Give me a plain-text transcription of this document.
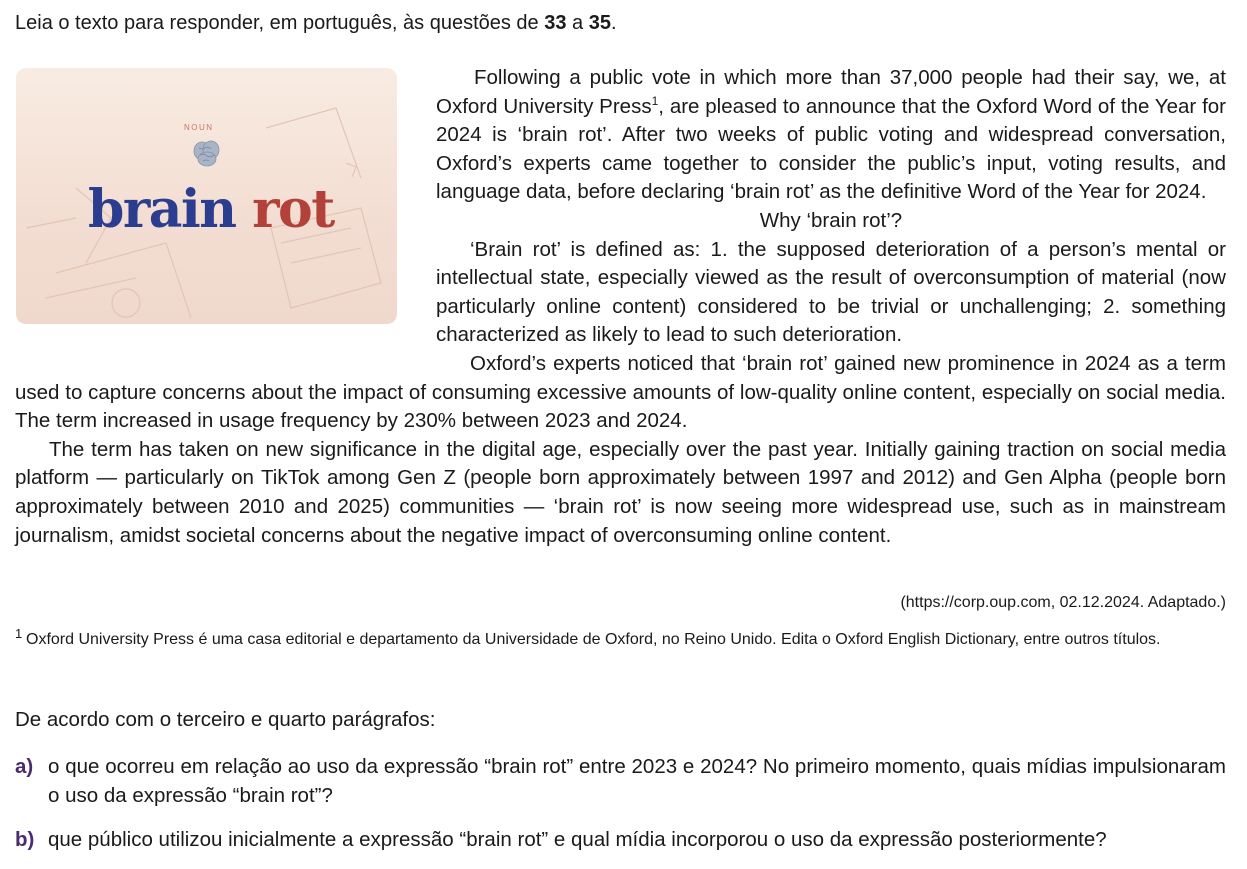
Leia o texto para responder, em português, às questões de 33 a 35.
NOUN
brain rot

Following a public vote in which more than 37,000 people had their say, we, at Oxford University Press$^1$, are pleased to announce that the Oxford Word of the Year for 2024 is ‘brain rot’. After two weeks of public voting and widespread conversation, Oxford’s experts came together to consider the public’s input, voting results, and language data, before declaring ‘brain rot’ as the definitive Word of the Year for 2024.

Why ‘brain rot’?

‘Brain rot’ is defined as: 1. the supposed deterioration of a person’s mental or intellectual state, especially viewed as the result of overconsumption of material (now particularly online content) considered to be trivial or unchallenging; 2. something characterized as likely to lead to such deterioration.

Oxford’s experts noticed that ‘brain rot’ gained new prominence in 2024 as a term used to capture concerns about the impact of consuming excessive amounts of low-quality online content, especially on social media. The term increased in usage frequency by 230% between 2023 and 2024.

The term has taken on new significance in the digital age, especially over the past year. Initially gaining traction on social media platform — particularly on TikTok among Gen Z (people born approximately between 1997 and 2012) and Gen Alpha (people born approximately between 2010 and 2025) communities — ‘brain rot’ is now seeing more widespread use, such as in mainstream journalism, amidst societal concerns about the negative impact of overconsuming online content.

(https://corp.oup.com, 02.12.2024. Adaptado.)
1 Oxford University Press é uma casa editorial e departamento da Universidade de Oxford, no Reino Unido. Edita o Oxford English Dictionary, entre outros títulos.
De acordo com o terceiro e quarto parágrafos:
a) o que ocorreu em relação ao uso da expressão “brain rot” entre 2023 e 2024? No primeiro momento, quais mídias impulsionaram o uso da expressão “brain rot”?
b) que público utilizou inicialmente a expressão “brain rot” e qual mídia incorporou o uso da expressão posteriormente?
